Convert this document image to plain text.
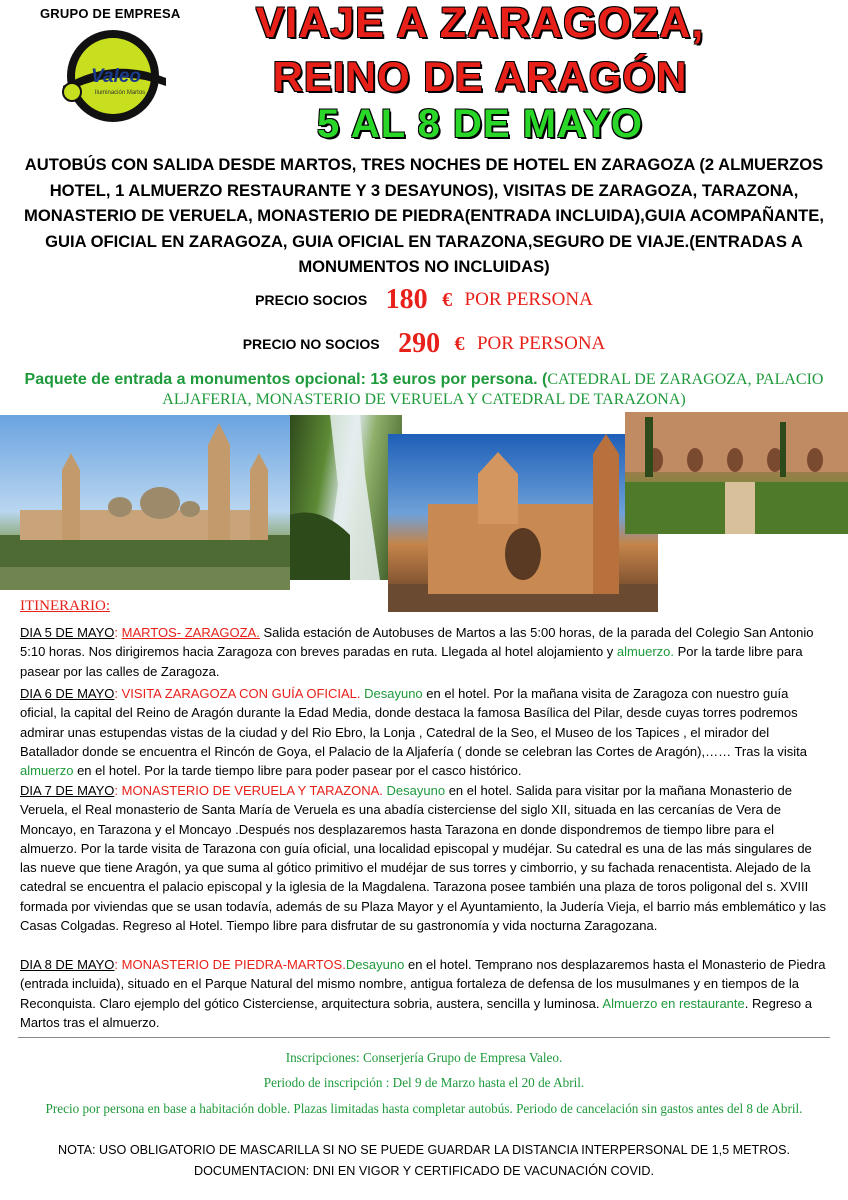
GRUPO DE EMPRESA
Valeo
Iluminación Martos
VIAJE A ZARAGOZA,
REINO DE ARAGÓN
5 AL 8 DE MAYO
AUTOBÚS CON SALIDA DESDE MARTOS, TRES NOCHES DE HOTEL EN ZARAGOZA (2 ALMUERZOS HOTEL, 1 ALMUERZO RESTAURANTE Y 3 DESAYUNOS), VISITAS DE ZARAGOZA, TARAZONA, MONASTERIO DE VERUELA, MONASTERIO DE PIEDRA(ENTRADA INCLUIDA),GUIA ACOMPAÑANTE, GUIA OFICIAL EN ZARAGOZA, GUIA OFICIAL EN TARAZONA,SEGURO DE VIAJE.(ENTRADAS A MONUMENTOS NO INCLUIDAS)
PRECIO SOCIOS 180 € POR PERSONA
PRECIO NO SOCIOS 290 € POR PERSONA
Paquete de entrada a monumentos opcional: 13 euros por persona. (CATEDRAL DE ZARAGOZA, PALACIO ALJAFERIA, MONASTERIO DE VERUELA Y CATEDRAL DE TARAZONA)
ITINERARIO:
DIA 5 DE MAYO: MARTOS- ZARAGOZA. Salida estación de Autobuses de Martos a las 5:00 horas, de la parada del Colegio San Antonio 5:10 horas. Nos dirigiremos hacia Zaragoza con breves paradas en ruta. Llegada al hotel alojamiento y almuerzo. Por la tarde libre para pasear por las calles de Zaragoza.
DIA 6 DE MAYO: VISITA ZARAGOZA CON GUÍA OFICIAL. Desayuno en el hotel. Por la mañana visita de Zaragoza con nuestro guía oficial, la capital del Reino de Aragón durante la Edad Media, donde destaca la famosa Basílica del Pilar, desde cuyas torres podremos admirar unas estupendas vistas de la ciudad y del Rio Ebro, la Lonja , Catedral de la Seo, el Museo de los Tapices , el mirador del Batallador donde se encuentra el Rincón de Goya, el Palacio de la Aljafería ( donde se celebran las Cortes de Aragón),…… Tras la visita almuerzo en el hotel. Por la tarde tiempo libre para poder pasear por el casco histórico.
DIA 7 DE MAYO: MONASTERIO DE VERUELA Y TARAZONA. Desayuno en el hotel. Salida para visitar por la mañana Monasterio de Veruela, el Real monasterio de Santa María de Veruela es una abadía cisterciense del siglo XII, situada en las cercanías de Vera de Moncayo, en Tarazona y el Moncayo .Después nos desplazaremos hasta Tarazona en donde dispondremos de tiempo libre para el almuerzo. Por la tarde visita de Tarazona con guía oficial, una localidad episcopal y mudéjar. Su catedral es una de las más singulares de las nueve que tiene Aragón, ya que suma al gótico primitivo el mudéjar de sus torres y cimborrio, y su fachada renacentista. Alejado de la catedral se encuentra el palacio episcopal y la iglesia de la Magdalena. Tarazona posee también una plaza de toros poligonal del s. XVIII formada por viviendas que se usan todavía, además de su Plaza Mayor y el Ayuntamiento, la Judería Vieja, el barrio más emblemático y las Casas Colgadas. Regreso al Hotel. Tiempo libre para disfrutar de su gastronomía y vida nocturna Zaragozana.
DIA 8 DE MAYO: MONASTERIO DE PIEDRA-MARTOS.Desayuno en el hotel. Temprano nos desplazaremos hasta el Monasterio de Piedra (entrada incluida), situado en el Parque Natural del mismo nombre, antigua fortaleza de defensa de los musulmanes y en tiempos de la Reconquista. Claro ejemplo del gótico Cisterciense, arquitectura sobria, austera, sencilla y luminosa. Almuerzo en restaurante. Regreso a Martos tras el almuerzo.
Inscripciones: Conserjería Grupo de Empresa Valeo.
Periodo de inscripción : Del 9 de Marzo hasta el 20 de Abril.
Precio por persona en base a habitación doble. Plazas limitadas hasta completar autobús. Periodo de cancelación sin gastos antes del 8 de Abril.
NOTA: USO OBLIGATORIO DE MASCARILLA SI NO SE PUEDE GUARDAR LA DISTANCIA INTERPERSONAL DE 1,5 METROS.
DOCUMENTACION: DNI EN VIGOR Y CERTIFICADO DE VACUNACIÓN COVID.
